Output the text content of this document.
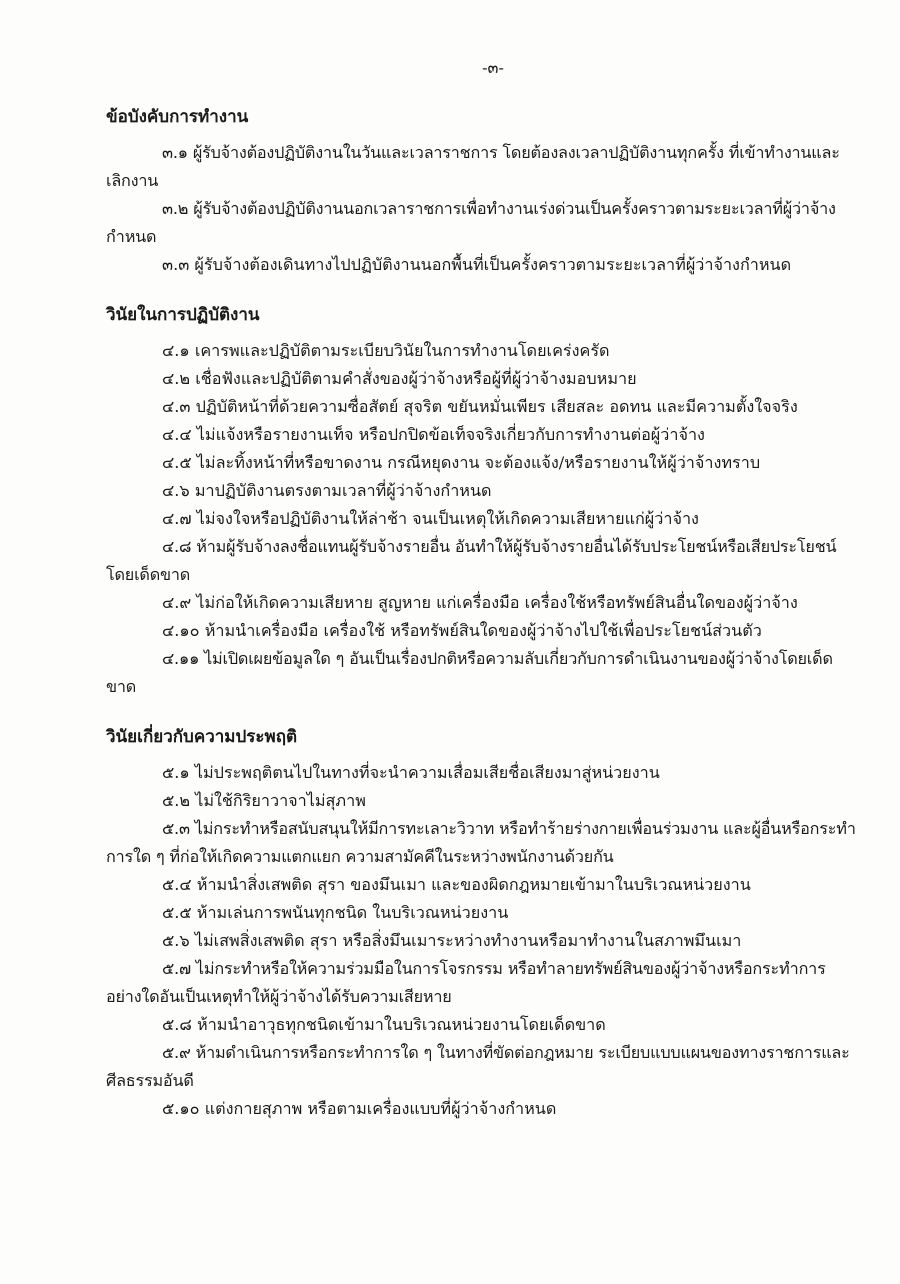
-๓-

ข้อบังคับการทำงาน

๓.๑ ผู้รับจ้างต้องปฏิบัติงานในวันและเวลาราชการ โดยต้องลงเวลาปฏิบัติงานทุกครั้ง ที่เข้าทำงานและเลิกงาน

๓.๒ ผู้รับจ้างต้องปฏิบัติงานนอกเวลาราชการเพื่อทำงานเร่งด่วนเป็นครั้งคราวตามระยะเวลาที่ผู้ว่าจ้างกำหนด

๓.๓ ผู้รับจ้างต้องเดินทางไปปฏิบัติงานนอกพื้นที่เป็นครั้งคราวตามระยะเวลาที่ผู้ว่าจ้างกำหนด

วินัยในการปฏิบัติงาน

๔.๑ เคารพและปฏิบัติตามระเบียบวินัยในการทำงานโดยเคร่งครัด

๔.๒ เชื่อฟังและปฏิบัติตามคำสั่งของผู้ว่าจ้างหรือผู้ที่ผู้ว่าจ้างมอบหมาย

๔.๓ ปฏิบัติหน้าที่ด้วยความซื่อสัตย์ สุจริต ขยันหมั่นเพียร เสียสละ อดทน และมีความตั้งใจจริง

๔.๔ ไม่แจ้งหรือรายงานเท็จ หรือปกปิดข้อเท็จจริงเกี่ยวกับการทำงานต่อผู้ว่าจ้าง

๔.๕ ไม่ละทิ้งหน้าที่หรือขาดงาน กรณีหยุดงาน จะต้องแจ้ง/หรือรายงานให้ผู้ว่าจ้างทราบ

๔.๖ มาปฏิบัติงานตรงตามเวลาที่ผู้ว่าจ้างกำหนด

๔.๗ ไม่จงใจหรือปฏิบัติงานให้ล่าช้า จนเป็นเหตุให้เกิดความเสียหายแก่ผู้ว่าจ้าง

๔.๘ ห้ามผู้รับจ้างลงชื่อแทนผู้รับจ้างรายอื่น อันทำให้ผู้รับจ้างรายอื่นได้รับประโยชน์หรือเสียประโยชน์โดยเด็ดขาด

๔.๙ ไม่ก่อให้เกิดความเสียหาย สูญหาย แก่เครื่องมือ เครื่องใช้หรือทรัพย์สินอื่นใดของผู้ว่าจ้าง

๔.๑๐ ห้ามนำเครื่องมือ เครื่องใช้ หรือทรัพย์สินใดของผู้ว่าจ้างไปใช้เพื่อประโยชน์ส่วนตัว

๔.๑๑ ไม่เปิดเผยข้อมูลใด ๆ อันเป็นเรื่องปกติหรือความลับเกี่ยวกับการดำเนินงานของผู้ว่าจ้างโดยเด็ดขาด

วินัยเกี่ยวกับความประพฤติ

๕.๑ ไม่ประพฤติตนไปในทางที่จะนำความเสื่อมเสียชื่อเสียงมาสู่หน่วยงาน

๕.๒ ไม่ใช้กิริยาวาจาไม่สุภาพ

๕.๓ ไม่กระทำหรือสนับสนุนให้มีการทะเลาะวิวาท หรือทำร้ายร่างกายเพื่อนร่วมงาน และผู้อื่นหรือกระทำการใด ๆ ที่ก่อให้เกิดความแตกแยก ความสามัคคีในระหว่างพนักงานด้วยกัน

๕.๔ ห้ามนำสิ่งเสพติด สุรา ของมึนเมา และของผิดกฎหมายเข้ามาในบริเวณหน่วยงาน

๕.๕ ห้ามเล่นการพนันทุกชนิด ในบริเวณหน่วยงาน

๕.๖ ไม่เสพสิ่งเสพติด สุรา หรือสิ่งมึนเมาระหว่างทำงานหรือมาทำงานในสภาพมึนเมา

๕.๗ ไม่กระทำหรือให้ความร่วมมือในการโจรกรรม หรือทำลายทรัพย์สินของผู้ว่าจ้างหรือกระทำการอย่างใดอันเป็นเหตุทำให้ผู้ว่าจ้างได้รับความเสียหาย

๕.๘ ห้ามนำอาวุธทุกชนิดเข้ามาในบริเวณหน่วยงานโดยเด็ดขาด

๕.๙ ห้ามดำเนินการหรือกระทำการใด ๆ ในทางที่ขัดต่อกฎหมาย ระเบียบแบบแผนของทางราชการและศีลธรรมอันดี

๕.๑๐ แต่งกายสุภาพ หรือตามเครื่องแบบที่ผู้ว่าจ้างกำหนด
